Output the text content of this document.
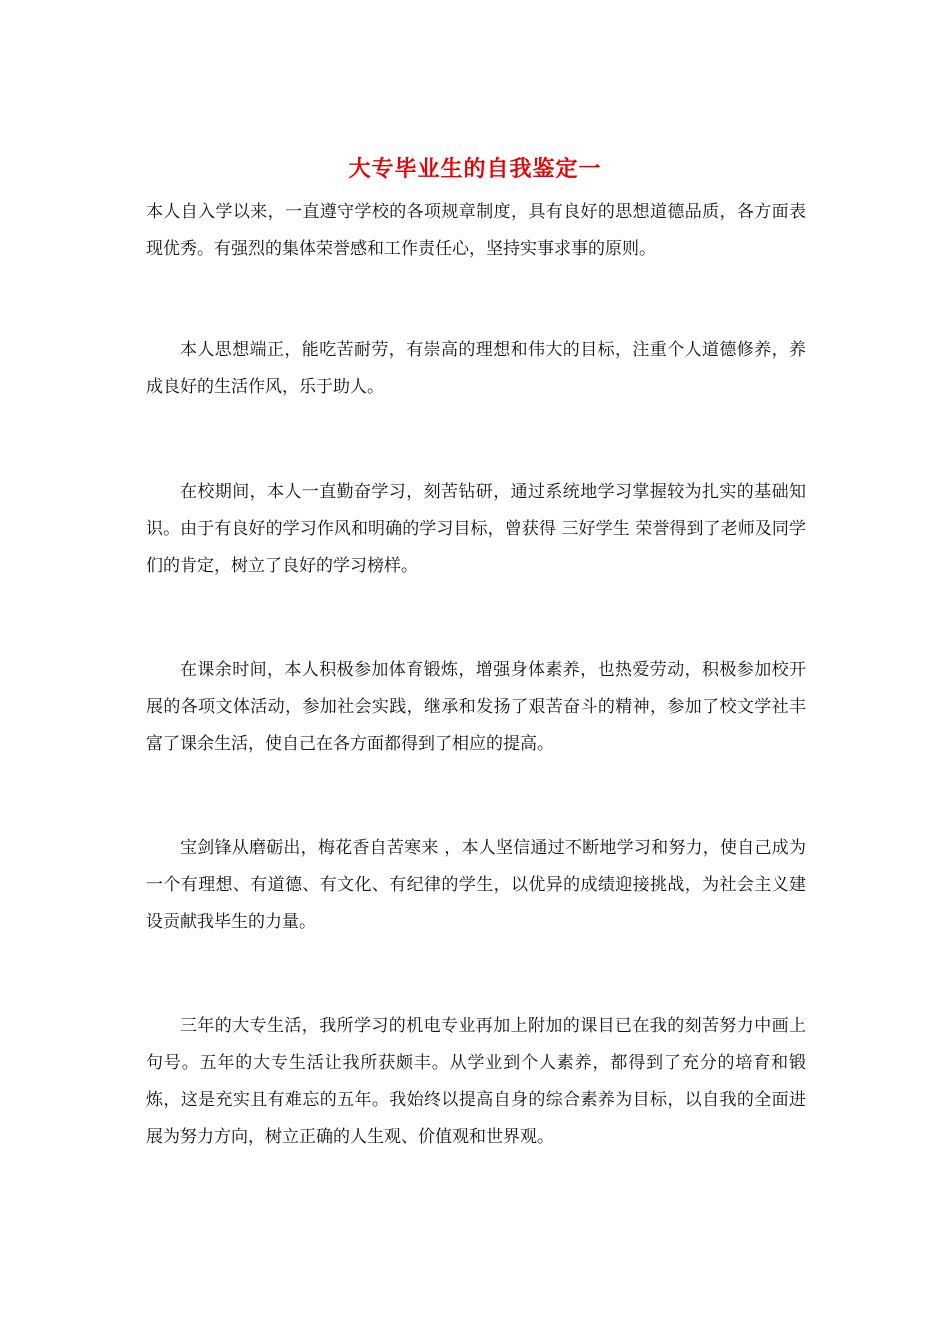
大专毕业生的自我鉴定一

本人自入学以来，一直遵守学校的各项规章制度，具有良好的思想道德品质，各方面表现优秀。有强烈的集体荣誉感和工作责任心，坚持实事求事的原则。

本人思想端正，能吃苦耐劳，有崇高的理想和伟大的目标，注重个人道德修养，养成良好的生活作风，乐于助人。

在校期间，本人一直勤奋学习，刻苦钻研，通过系统地学习掌握较为扎实的基础知识。由于有良好的学习作风和明确的学习目标，曾获得 三好学生 荣誉得到了老师及同学们的肯定，树立了良好的学习榜样。

在课余时间，本人积极参加体育锻炼，增强身体素养，也热爱劳动，积极参加校开展的各项文体活动，参加社会实践，继承和发扬了艰苦奋斗的精神，参加了校文学社丰富了课余生活，使自己在各方面都得到了相应的提高。

宝剑锋从磨砺出，梅花香自苦寒来 ，本人坚信通过不断地学习和努力，使自己成为一个有理想、有道德、有文化、有纪律的学生，以优异的成绩迎接挑战，为社会主义建设贡献我毕生的力量。

三年的大专生活，我所学习的机电专业再加上附加的课目已在我的刻苦努力中画上句号。五年的大专生活让我所获颇丰。从学业到个人素养，都得到了充分的培育和锻炼，这是充实且有难忘的五年。我始终以提高自身的综合素养为目标，以自我的全面进展为努力方向，树立正确的人生观、价值观和世界观。
